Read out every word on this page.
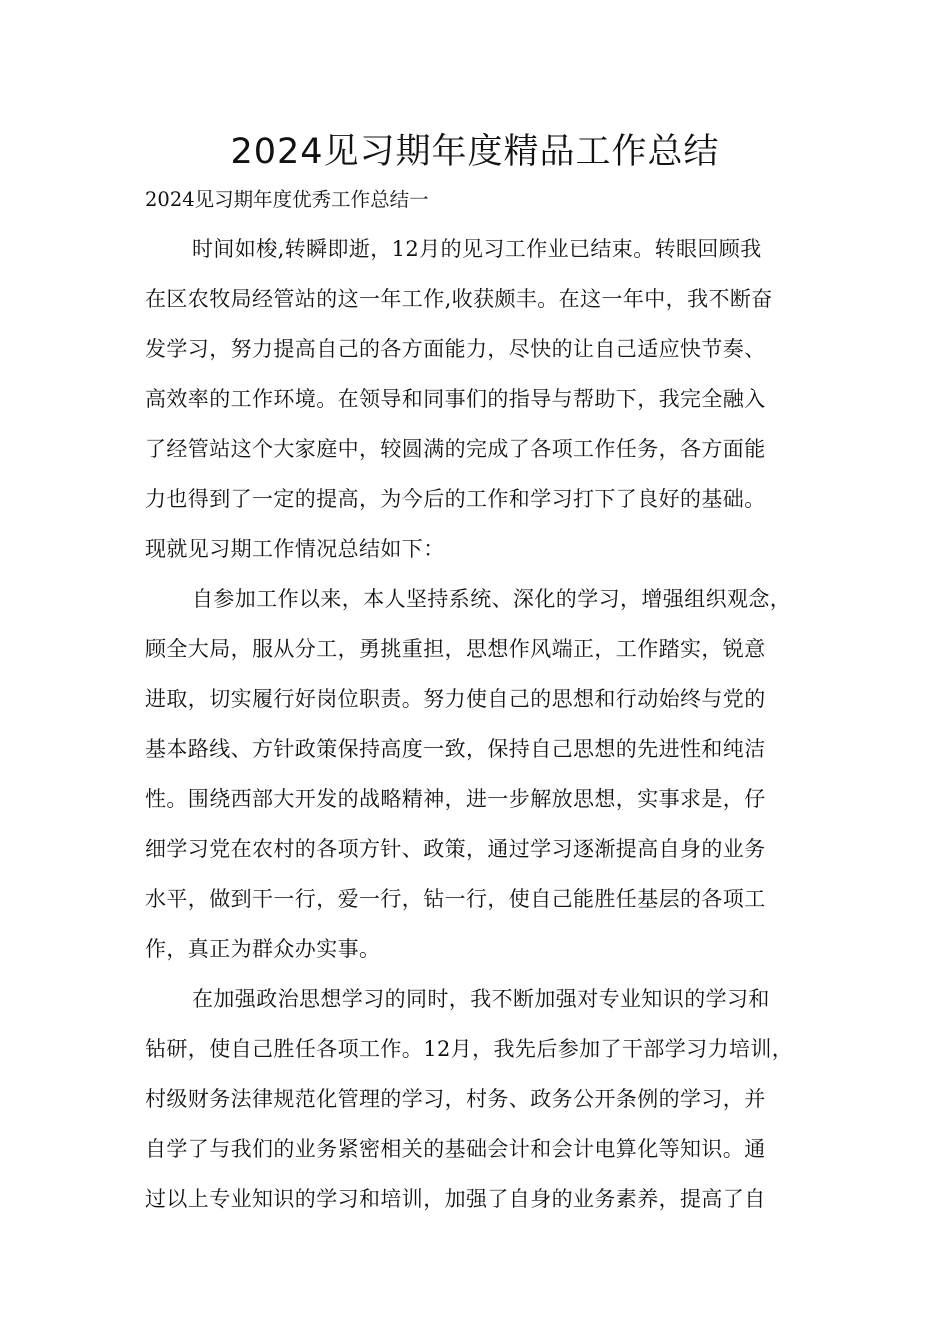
2024见习期年度精品工作总结

2024见习期年度优秀工作总结一

时间如梭,转瞬即逝，12月的见习工作业已结束。转眼回顾我

在区农牧局经管站的这一年工作,收获颇丰。在这一年中，我不断奋

发学习，努力提高自己的各方面能力，尽快的让自己适应快节奏、

高效率的工作环境。在领导和同事们的指导与帮助下，我完全融入

了经管站这个大家庭中，较圆满的完成了各项工作任务，各方面能

力也得到了一定的提高，为今后的工作和学习打下了良好的基础。

现就见习期工作情况总结如下：

自参加工作以来，本人坚持系统、深化的学习，增强组织观念，

顾全大局，服从分工，勇挑重担，思想作风端正，工作踏实，锐意

进取，切实履行好岗位职责。努力使自己的思想和行动始终与党的

基本路线、方针政策保持高度一致，保持自己思想的先进性和纯洁

性。围绕西部大开发的战略精神，进一步解放思想，实事求是，仔

细学习党在农村的各项方针、政策，通过学习逐渐提高自身的业务

水平，做到干一行，爱一行，钻一行，使自己能胜任基层的各项工

作，真正为群众办实事。

在加强政治思想学习的同时，我不断加强对专业知识的学习和

钻研，使自己胜任各项工作。12月，我先后参加了干部学习力培训，

村级财务法律规范化管理的学习，村务、政务公开条例的学习，并

自学了与我们的业务紧密相关的基础会计和会计电算化等知识。通

过以上专业知识的学习和培训，加强了自身的业务素养，提高了自
